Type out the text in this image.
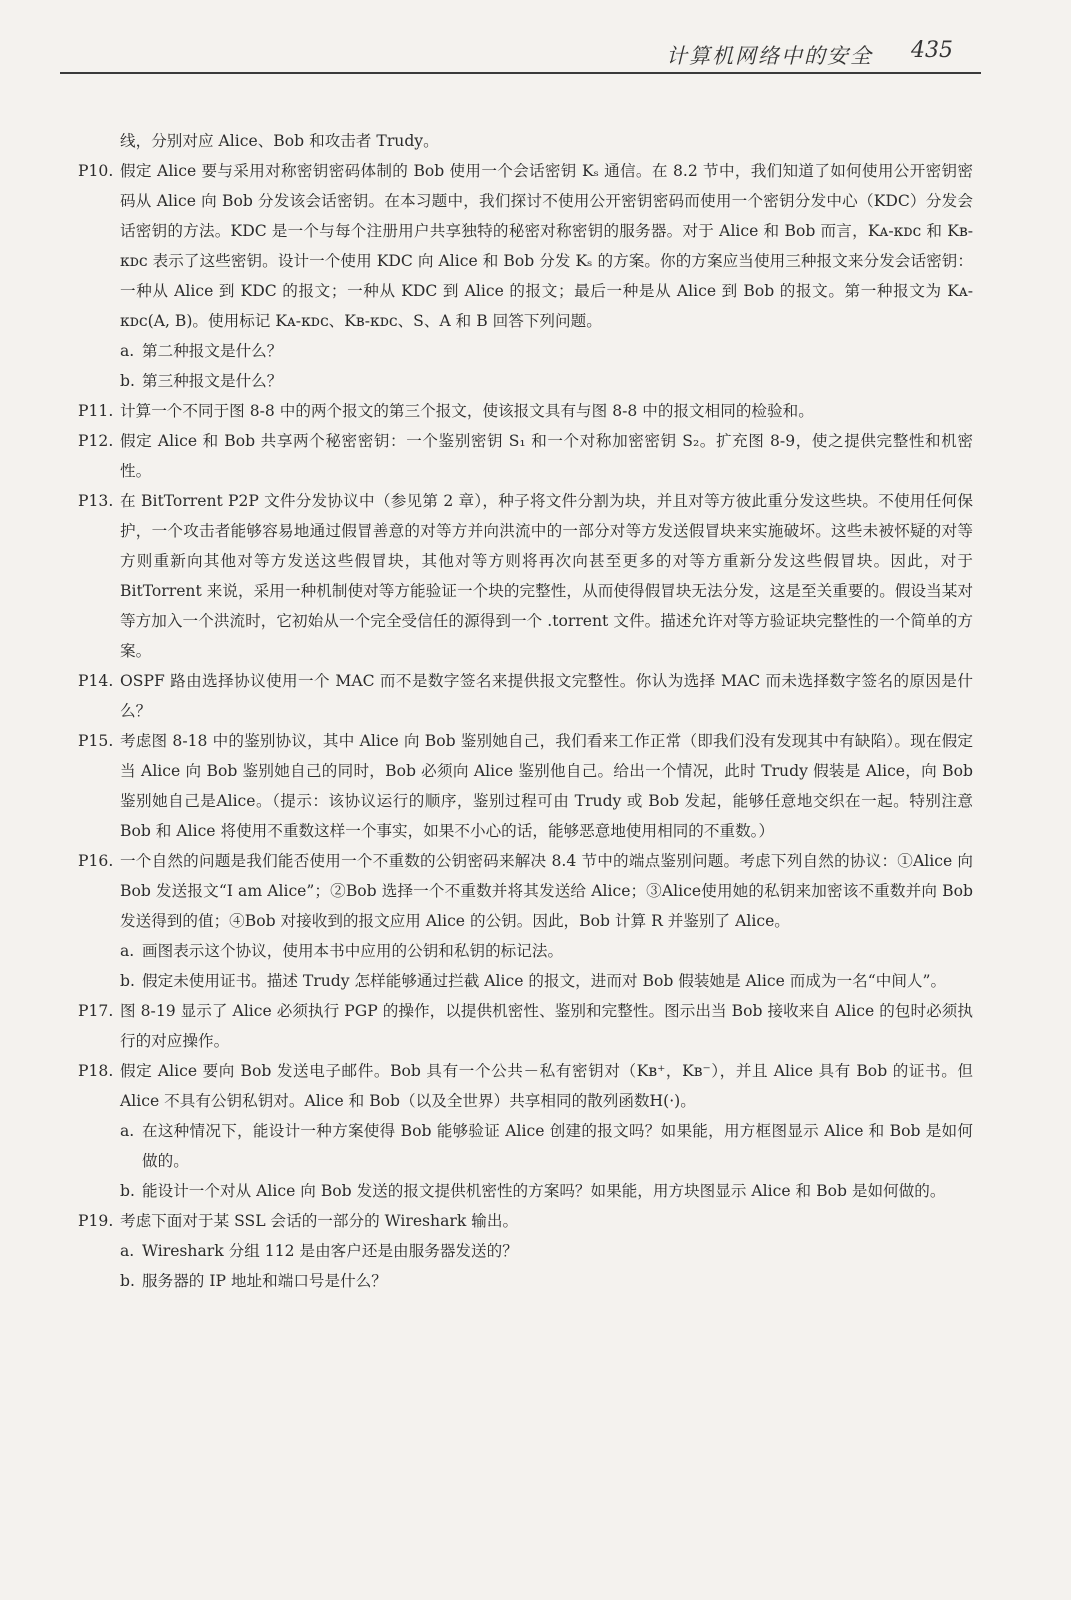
计算机网络中的安全 435
线，分别对应 Alice、Bob 和攻击者 Trudy。
P10. 假定 Alice 要与采用对称密钥密码体制的 Bob 使用一个会话密钥 Kₛ 通信。在 8.2 节中，我们知道了如何使用公开密钥密码从 Alice 向 Bob 分发该会话密钥。在本习题中，我们探讨不使用公开密钥密码而使用一个密钥分发中心（KDC）分发会话密钥的方法。KDC 是一个与每个注册用户共享独特的秘密对称密钥的服务器。对于 Alice 和 Bob 而言，Kᴀ-ᴋᴅᴄ 和 Kʙ-ᴋᴅᴄ 表示了这些密钥。设计一个使用 KDC 向 Alice 和 Bob 分发 Kₛ 的方案。你的方案应当使用三种报文来分发会话密钥：一种从 Alice 到 KDC 的报文；一种从 KDC 到 Alice 的报文；最后一种是从 Alice 到 Bob 的报文。第一种报文为 Kᴀ-ᴋᴅᴄ(A, B)。使用标记 Kᴀ-ᴋᴅᴄ、Kʙ-ᴋᴅᴄ、S、A 和 B 回答下列问题。
a. 第二种报文是什么？
b. 第三种报文是什么？
P11. 计算一个不同于图 8-8 中的两个报文的第三个报文，使该报文具有与图 8-8 中的报文相同的检验和。
P12. 假定 Alice 和 Bob 共享两个秘密密钥：一个鉴别密钥 S₁ 和一个对称加密密钥 S₂。扩充图 8-9，使之提供完整性和机密性。
P13. 在 BitTorrent P2P 文件分发协议中（参见第 2 章），种子将文件分割为块，并且对等方彼此重分发这些块。不使用任何保护，一个攻击者能够容易地通过假冒善意的对等方并向洪流中的一部分对等方发送假冒块来实施破坏。这些未被怀疑的对等方则重新向其他对等方发送这些假冒块，其他对等方则将再次向甚至更多的对等方重新分发这些假冒块。因此，对于 BitTorrent 来说，采用一种机制使对等方能验证一个块的完整性，从而使得假冒块无法分发，这是至关重要的。假设当某对等方加入一个洪流时，它初始从一个完全受信任的源得到一个 .torrent 文件。描述允许对等方验证块完整性的一个简单的方案。
P14. OSPF 路由选择协议使用一个 MAC 而不是数字签名来提供报文完整性。你认为选择 MAC 而未选择数字签名的原因是什么？
P15. 考虑图 8-18 中的鉴别协议，其中 Alice 向 Bob 鉴别她自己，我们看来工作正常（即我们没有发现其中有缺陷）。现在假定当 Alice 向 Bob 鉴别她自己的同时，Bob 必须向 Alice 鉴别他自己。给出一个情况，此时 Trudy 假装是 Alice，向 Bob 鉴别她自己是Alice。（提示：该协议运行的顺序，鉴别过程可由 Trudy 或 Bob 发起，能够任意地交织在一起。特别注意 Bob 和 Alice 将使用不重数这样一个事实，如果不小心的话，能够恶意地使用相同的不重数。）
P16. 一个自然的问题是我们能否使用一个不重数的公钥密码来解决 8.4 节中的端点鉴别问题。考虑下列自然的协议：①Alice 向 Bob 发送报文“I am Alice”；②Bob 选择一个不重数并将其发送给 Alice；③Alice使用她的私钥来加密该不重数并向 Bob 发送得到的值；④Bob 对接收到的报文应用 Alice 的公钥。因此，Bob 计算 R 并鉴别了 Alice。
a. 画图表示这个协议，使用本书中应用的公钥和私钥的标记法。
b. 假定未使用证书。描述 Trudy 怎样能够通过拦截 Alice 的报文，进而对 Bob 假装她是 Alice 而成为一名“中间人”。
P17. 图 8-19 显示了 Alice 必须执行 PGP 的操作，以提供机密性、鉴别和完整性。图示出当 Bob 接收来自 Alice 的包时必须执行的对应操作。
P18. 假定 Alice 要向 Bob 发送电子邮件。Bob 具有一个公共－私有密钥对（Kʙ⁺，Kʙ⁻），并且 Alice 具有 Bob 的证书。但 Alice 不具有公钥私钥对。Alice 和 Bob（以及全世界）共享相同的散列函数H(·)。
a. 在这种情况下，能设计一种方案使得 Bob 能够验证 Alice 创建的报文吗？如果能，用方框图显示 Alice 和 Bob 是如何做的。
b. 能设计一个对从 Alice 向 Bob 发送的报文提供机密性的方案吗？如果能，用方块图显示 Alice 和 Bob 是如何做的。
P19. 考虑下面对于某 SSL 会话的一部分的 Wireshark 输出。
a. Wireshark 分组 112 是由客户还是由服务器发送的？
b. 服务器的 IP 地址和端口号是什么？
